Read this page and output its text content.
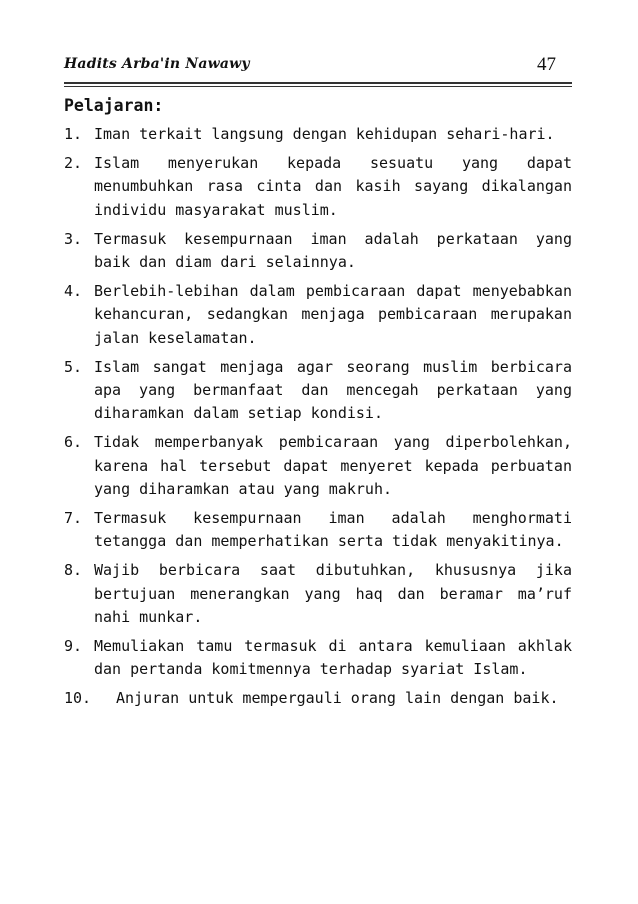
Hadits Arba'in Nawawy	47
Pelajaran:
1. Iman terkait langsung dengan kehidupan sehari-hari.
2. Islam menyerukan kepada sesuatu yang dapat menumbuhkan rasa cinta dan kasih sayang dikalangan individu masyarakat muslim.
3. Termasuk kesempurnaan iman adalah perkataan yang baik dan diam dari selainnya.
4. Berlebih-lebihan dalam pembicaraan dapat menyebabkan kehancuran, sedangkan menjaga pembicaraan merupakan jalan keselamatan.
5. Islam sangat menjaga agar seorang muslim berbicara apa yang bermanfaat dan mencegah perkataan yang diharamkan dalam setiap kondisi.
6. Tidak memperbanyak pembicaraan yang diperbolehkan, karena hal tersebut dapat menyeret kepada perbuatan yang diharamkan atau yang makruh.
7. Termasuk kesempurnaan iman adalah menghormati tetangga dan memperhatikan serta tidak menyakitinya.
8. Wajib berbicara saat dibutuhkan, khususnya jika bertujuan menerangkan yang haq dan beramar ma’ruf nahi munkar.
9. Memuliakan tamu termasuk di antara kemuliaan akhlak dan pertanda komitmennya terhadap syariat Islam.
10. Anjuran untuk mempergauli orang lain dengan baik.
